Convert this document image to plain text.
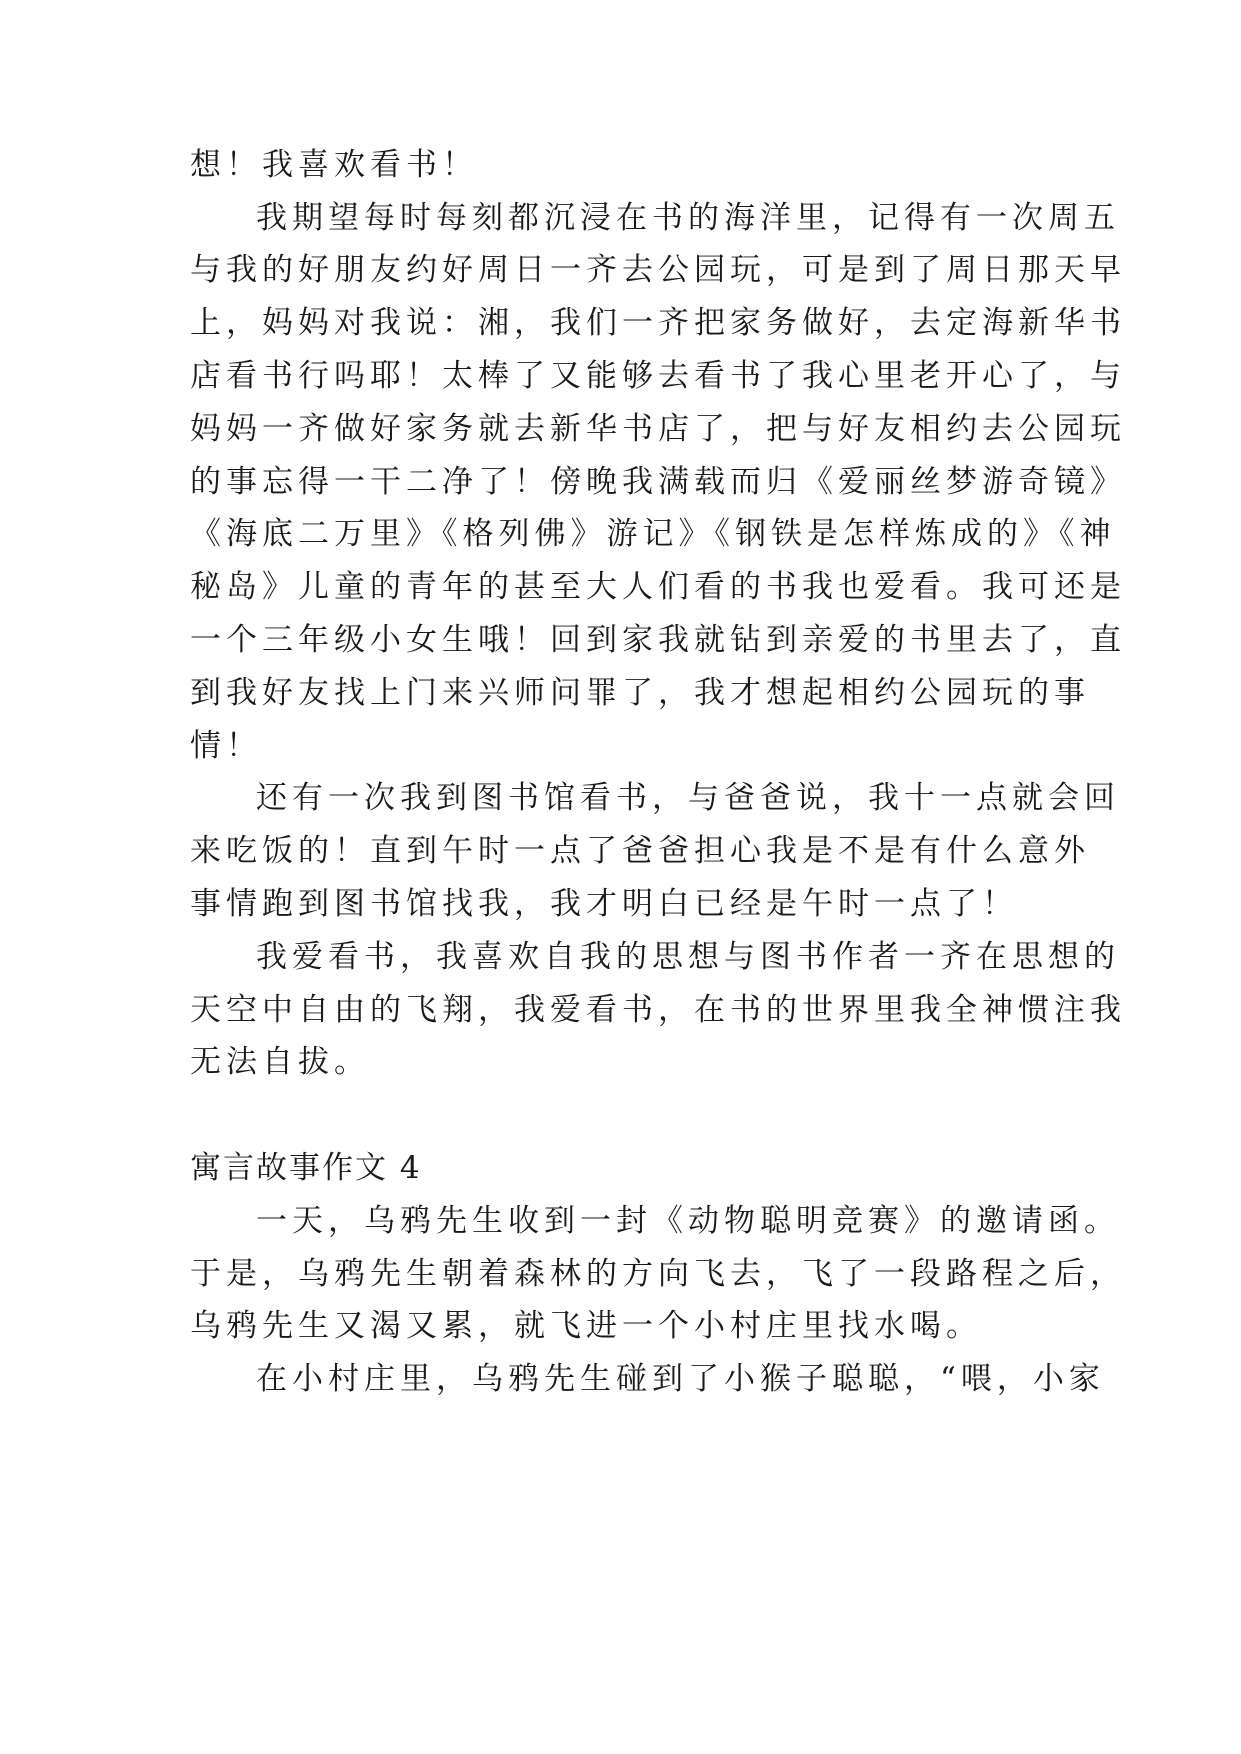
想！我喜欢看书！
我期望每时每刻都沉浸在书的海洋里，记得有一次周五
与我的好朋友约好周日一齐去公园玩，可是到了周日那天早
上，妈妈对我说：湘，我们一齐把家务做好，去定海新华书
店看书行吗耶！太棒了又能够去看书了我心里老开心了，与
妈妈一齐做好家务就去新华书店了，把与好友相约去公园玩
的事忘得一干二净了！傍晚我满载而归《爱丽丝梦游奇镜》
《海底二万里》《格列佛》游记》《钢铁是怎样炼成的》《神
秘岛》儿童的青年的甚至大人们看的书我也爱看。我可还是
一个三年级小女生哦！回到家我就钻到亲爱的书里去了，直
到我好友找上门来兴师问罪了，我才想起相约公园玩的事
情！
还有一次我到图书馆看书，与爸爸说，我十一点就会回
来吃饭的！直到午时一点了爸爸担心我是不是有什么意外
事情跑到图书馆找我，我才明白已经是午时一点了！
我爱看书，我喜欢自我的思想与图书作者一齐在思想的
天空中自由的飞翔，我爱看书，在书的世界里我全神惯注我
无法自拔。
寓言故事作文 4
一天，乌鸦先生收到一封《动物聪明竞赛》的邀请函。
于是，乌鸦先生朝着森林的方向飞去，飞了一段路程之后，
乌鸦先生又渴又累，就飞进一个小村庄里找水喝。
在小村庄里，乌鸦先生碰到了小猴子聪聪，“喂，小家
